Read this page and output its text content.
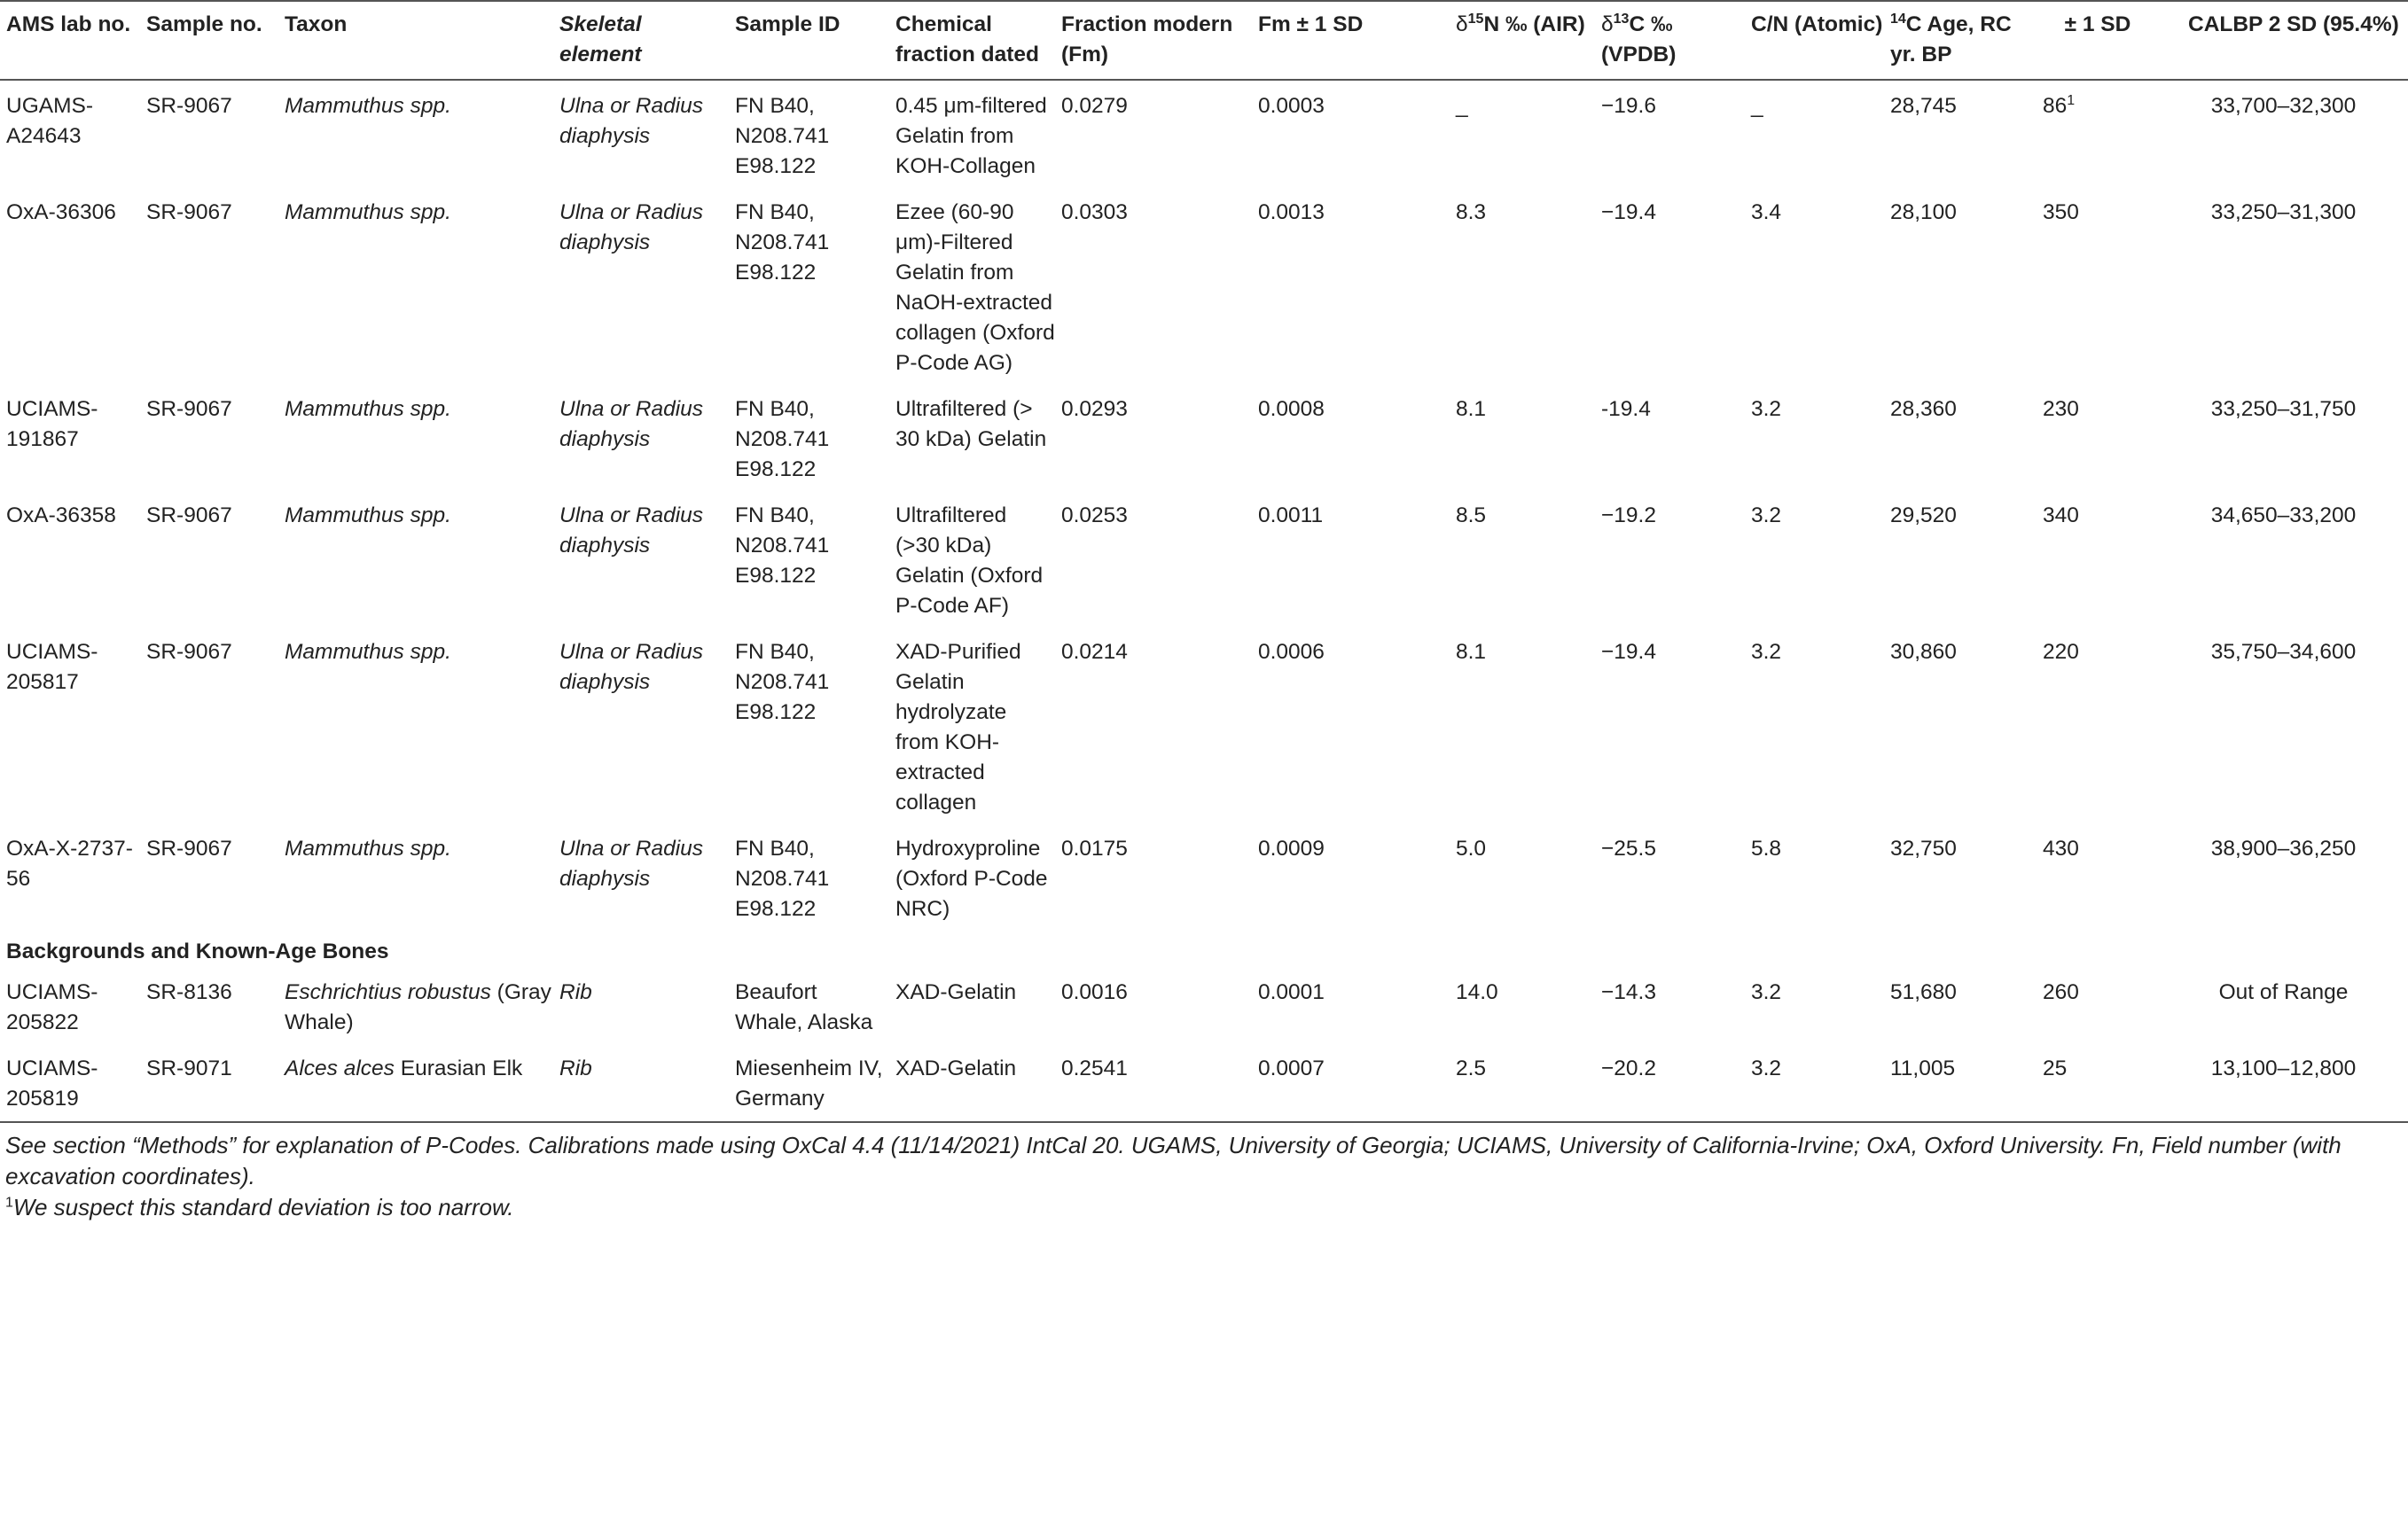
AMS lab no.	Sample no.	Taxon	Skeletal element	Sample ID	Chemical fraction dated	Fraction modern (Fm)	Fm ± 1 SD	$\delta^{15}N$ ‰ (AIR)	$\delta^{13}C$ ‰ (VPDB)	C/N (Atomic)	$^{14}$C Age, RC yr. BP	± 1 SD	CALBP 2 SD (95.4%)
UGAMS-A24643	SR-9067	Mammuthus spp.	Ulna or Radius diaphysis	FN B40, N208.741 E98.122	0.45 μm-filtered Gelatin from KOH-Collagen	0.0279	0.0003	_	−19.6	_	28,745	$86^1$	33,700–32,300
OxA-36306	SR-9067	Mammuthus spp.	Ulna or Radius diaphysis	FN B40, N208.741 E98.122	Ezee (60-90 μm)-Filtered Gelatin from NaOH-extracted collagen (Oxford P-Code AG)	0.0303	0.0013	8.3	−19.4	3.4	28,100	350	33,250–31,300
UCIAMS-191867	SR-9067	Mammuthus spp.	Ulna or Radius diaphysis	FN B40, N208.741 E98.122	Ultrafiltered (> 30 kDa) Gelatin	0.0293	0.0008	8.1	-19.4	3.2	28,360	230	33,250–31,750
OxA-36358	SR-9067	Mammuthus spp.	Ulna or Radius diaphysis	FN B40, N208.741 E98.122	Ultrafiltered (>30 kDa) Gelatin (Oxford P-Code AF)	0.0253	0.0011	8.5	−19.2	3.2	29,520	340	34,650–33,200
UCIAMS-205817	SR-9067	Mammuthus spp.	Ulna or Radius diaphysis	FN B40, N208.741 E98.122	XAD-Purified Gelatin hydrolyzate from KOH-extracted collagen	0.0214	0.0006	8.1	−19.4	3.2	30,860	220	35,750–34,600
OxA-X-2737-56	SR-9067	Mammuthus spp.	Ulna or Radius diaphysis	FN B40, N208.741 E98.122	Hydroxyproline (Oxford P-Code NRC)	0.0175	0.0009	5.0	−25.5	5.8	32,750	430	38,900–36,250
Backgrounds and Known-Age Bones													
UCIAMS-205822	SR-8136	Eschrichtius robustus (Gray Whale)	Rib	Beaufort Whale, Alaska	XAD-Gelatin	0.0016	0.0001	14.0	−14.3	3.2	51,680	260	Out of Range
UCIAMS-205819	SR-9071	Alces alces Eurasian Elk	Rib	Miesenheim IV, Germany	XAD-Gelatin	0.2541	0.0007	2.5	−20.2	3.2	11,005	25	13,100–12,800

See section “Methods” for explanation of P-Codes. Calibrations made using OxCal 4.4 (11/14/2021) IntCal 20. UGAMS, University of Georgia; UCIAMS, University of California-Irvine; OxA, Oxford University. Fn, Field number (with excavation coordinates).

$^1$We suspect this standard deviation is too narrow.
